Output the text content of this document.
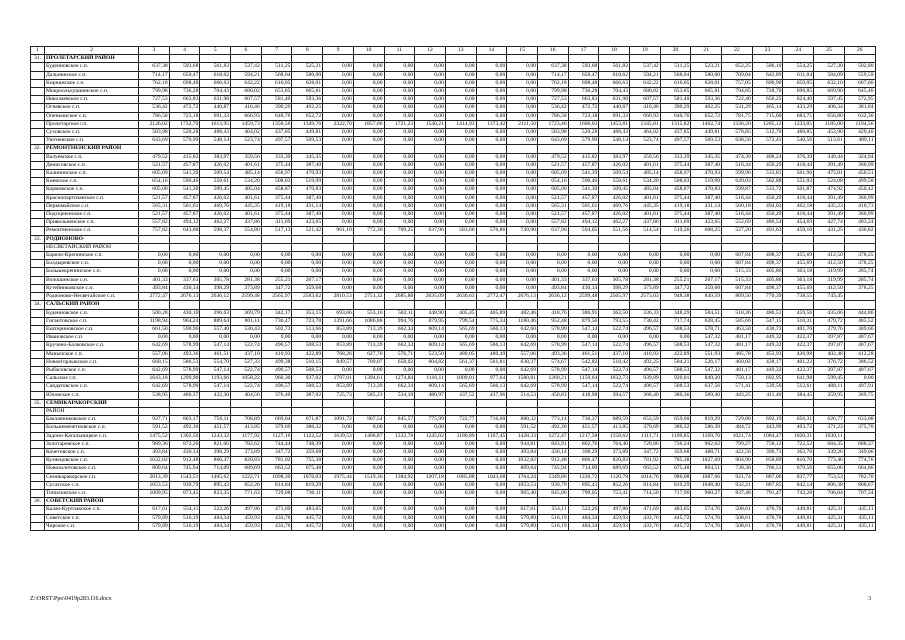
1	2	3	4	5	6	7	8	9	10	11	12	13	14	15	16	17	18	19	20	21	22	23	24	25	26
31.	ПРОЛЕТАРСКИЙ РАЙОН																								
	Буденновское с.п.	637,38	593,68	561,83	537,42	511,25	525,21	0,00	0,00	0,00	0,00	0,00	0,00	0,00	637,38	593,68	561,83	537,42	511,25	523,21	652,25	586,10	554,25	527,30	502,80
	Дальнинское с.п.	714,17	650,47	618,62	594,21	568,04	580,00	0,00	0,00	0,00	0,00	0,00	0,00	0,00	714,17	650,47	618,62	594,21	568,04	580,00	709,04	642,89	611,04	584,09	559,59
	Кирняжское с.п.	762,18	698,48	666,63	642,22	616,05	628,01	0,00	0,00	0,00	0,00	0,00	0,00	0,00	762,18	698,48	666,63	642,22	616,05	628,01	757,05	690,90	659,05	632,10	607,60
	Мокроольхушкинское с.п.	799,98	736,28	704,43	680,02	653,85	665,81	0,00	0,00	0,00	0,00	0,00	0,00	0,00	799,98	736,28	704,43	680,02	653,85	665,81	794,85	728,70	696,85	669,90	645,40
	Николаевское с.п.	727,53	663,83	631,98	607,57	581,40	593,36	0,00	0,00	0,00	0,00	0,00	0,00	0,00	727,53	663,83	631,98	607,57	581,40	593,36	722,40	656,25	624,40	597,45	572,95
	Огневское с.п.	536,42	472,72	440,87	416,46	390,29	402,25	0,00	0,00	0,00	0,00	0,00	0,00	0,00	536,42	472,72	440,87	416,46	390,29	402,25	531,29	465,14	433,29	406,34	381,84
	Опенкинское с.п.	786,58	723,18	691,33	666,93	640,76	652,72	0,00	0,00	0,00	0,00	0,00	0,00	0,00	786,58	723,18	691,33	666,93	640,76	652,72	781,75	715,60	683,75	656,80	632,30
	Пролетарское г.п.	2126,02	1732,70	1613,95	1459,73	1350,56	1349,76	2322,70	1857,86	1721,23	1540,21	1414,93	1373,42	2111,50	1723,46	1606,03	1453,81	1345,81	1315,82	1462,74	1336,20	1285,12	1233,05	1185,00	1194,56
	Суховское с.п.	583,98	520,28	488,43	464,02	437,85	449,81	0,00	0,00	0,00	0,00	0,00	0,00	0,00	583,98	520,28	488,43	464,02	437,85	449,81	578,85	512,70	480,85	453,90	429,40
	Уютненское с.п.	643,69	579,99	548,14	523,74	497,57	509,53	0,00	0,00	0,00	0,00	0,00	0,00	0,00	643,69	579,99	548,14	523,74	497,57	509,53	638,56	572,41	540,56	513,61	489,11
32.	РЕМОНТНЕНСКИЙ РАЙОН																								
	Валуевское с.п.	479,52	415,82	383,97	359,56	333,39	345,35	0,00	0,00	0,00	0,00	0,00	0,00	0,00	479,52	415,82	383,97	359,56	333,39	345,35	474,39	408,24	376,39	349,44	324,94
	Денисовское с.п.	521,57	457,87	426,02	401,61	375,44	387,40	0,00	0,00	0,00	0,00	0,00	0,00	0,00	521,57	457,87	426,02	401,61	375,44	387,40	516,44	450,29	418,44	391,49	366,99
	Калининское с.п.	605,09	541,39	509,54	485,14	458,97	470,93	0,00	0,00	0,00	0,00	0,00	0,00	0,00	605,09	541,39	509,54	485,14	458,97	470,93	599,96	533,81	501,96	475,01	450,51
	Киевское с.п.	654,16	590,46	558,61	534,20	508,03	519,99	0,00	0,00	0,00	0,00	0,00	0,00	0,00	654,16	590,46	558,61	534,20	508,03	519,99	649,03	582,88	551,03	524,08	499,58
	Кормовское с.п.	605,00	541,30	509,45	485,04	458,87	470,83	0,00	0,00	0,00	0,00	0,00	0,00	0,00	605,00	541,30	509,45	485,04	458,87	470,83	599,87	533,72	501,87	474,92	450,42
	Краснопартизанское с.п.	521,57	457,87	426,02	401,61	375,44	387,40	0,00	0,00	0,00	0,00	0,00	0,00	0,00	521,57	457,87	426,02	401,61	375,44	387,40	516,44	450,29	418,44	391,49	366,99
	Первомайское с.п.	565,31	501,61	469,76	445,35	419,18	431,14	0,00	0,00	0,00	0,00	0,00	0,00	0,00	565,31	501,61	469,76	445,35	419,18	431,14	560,18	494,03	462,18	435,23	410,73
	Подгорненское с.п.	521,57	457,87	426,02	401,61	375,44	387,40	0,00	0,00	0,00	0,00	0,00	0,00	0,00	521,57	457,87	426,02	401,61	375,44	387,40	516,44	450,29	418,44	391,49	366,99
	Привольненское с.п.	557,82	494,12	462,27	437,86	411,69	423,65	0,00	0,00	0,00	0,00	0,00	0,00	0,00	557,82	494,12	462,27	437,86	411,69	423,65	552,69	486,54	454,69	427,74	403,24
	Ремонтненское с.п.	757,82	643,00	598,37	554,80	517,13	521,42	961,10	772,36	709,25	637,96	583,66	576,86	749,90	637,96	594,05	551,56	514,54	519,26	608,25	527,20	491,63	459,10	431,25	436,82
33.	РОДИОНОВО-																								
	НЕСВЕТАЙСКИЙ РАЙОН																								
	Барило-Крепинское с.п.	0,00	0,00	0,00	0,00	0,00	0,00	0,00	0,00	0,00	0,00	0,00	0,00	0,00	0,00	0,00	0,00	0,00	0,00	0,00	607,84	498,37	455,69	412,50	378,25
	Болдыревское с.п.	0,00	0,00	0,00	0,00	0,00	0,00	0,00	0,00	0,00	0,00	0,00	0,00	0,00	0,00	0,00	0,00	0,00	0,00	0,00	607,84	498,37	455,69	412,50	378,25
	Большекрепинское с.п.	0,00	0,00	0,00	0,00	0,00	0,00	0,00	0,00	0,00	0,00	0,00	0,00	0,00	0,00	0,00	0,00	0,00	0,00	0,00	515,33	405,86	363,18	319,99	285,74
	Волошинское с.п.	401,33	337,63	305,78	281,38	255,21	267,17	0,00	0,00	0,00	0,00	0,00	0,00	0,00	401,33	337,63	305,78	281,38	255,21	267,17	515,33	405,86	363,18	319,99	285,74
	Кутейниковское с.п.	493,84	430,14	398,29	373,89	347,72	359,68	0,00	0,00	0,00	0,00	0,00	0,00	0,00	493,84	430,14	398,29	373,89	347,72	359,68	607,84	498,37	455,69	412,50	378,25
	Родионово-Несветайское с.п.	2772,47	2676,13	2636,12	2599,48	2565,97	2583,62	2810,53	2751,32	2685,88	2635,09	2630,63	2772,47	2676,13	2636,12	2599,48	2565,97	2573,03	948,38	849,59	809,56	770,39	738,55	743,45	
34.	САЛЬСКИЙ РАЙОН																								
	Буденновское с.п.	500,28	430,10	396,63	369,79	342,17	353,15	693,66	553,16	502,11	448,90	405,45	405,89	482,46	418,76	386,91	362,50	336,33	348,29	584,51	518,36	486,51	459,56	435,06	444,86
	Гигантовское с.п.	1198,94	964,24	889,64	801,11	736,47	723,78	1391,66	1086,88	994,76	879,95	799,54	775,34	1180,46	952,48	879,56	793,55	730,42	717,74	628,45	585,66	547,15	510,31	479,72	485,52
	Екатериновское с.п.	661,50	590,96	557,40	530,43	502,73	513,66	853,89	713,39	662,34	609,14	565,69	566,13	642,60	578,99	547,14	522,74	496,57	508,53	578,71	463,58	430,73	401,76	379,76	389,66
	Ивановское с.п.	0,00	0,00	0,00	0,00	0,00	0,00	0,00	0,00	0,00	0,00	0,00	0,00	0,00	0,00	0,00	0,00	0,00	0,00	547,32	481,17	449,32	422,37	397,87	407,67
	Крученo-Балковское с.п.	642,69	578,99	547,14	522,74	496,57	508,53	853,89	713,39	662,34	609,14	565,69	566,13	642,69	578,99	547,14	522,74	496,57	508,53	547,32	481,17	449,32	422,37	397,87	407,67
	Манычское с.п.	557,06	493,36	461,51	437,10	410,93	422,89	768,26	627,76	576,71	523,50	480,05	480,49	557,06	493,36	461,51	437,10	410,93	422,89	551,93	485,78	453,93	426,98	402,48	412,28
	Новоегорлыкское с.п.	660,15	586,53	554,70	527,33	499,38	510,15	849,57	709,07	658,02	604,82	561,37	561,81	638,37	574,67	542,82	518,42	492,25	504,21	526,17	460,02	428,17	401,22	376,72	386,52
	Рыбасовское с.п.	642,69	578,99	547,14	522,74	496,57	508,53	0,00	0,00	0,00	0,00	0,00	0,00	642,69	578,99	547,14	522,74	496,57	508,53	547,32	481,17	449,32	422,37	397,87	407,67
	Сальское г.п.	1643,18	1299,90	1193,66	1058,22	960,30	937,02	1797,01	1394,61	1274,84	1116,11	1009,01	977,64	1580,81	1260,21	1159,64	1032,73	939,89	920,01	849,20	750,13	692,95	641,98	599,45	0,00
	Сандатовское с.п.	642,69	578,99	547,14	522,74	496,57	508,53	853,89	713,39	662,34	609,14	565,69	566,13	642,69	578,99	547,14	522,74	496,57	508,53	637,56	571,41	539,56	512,61	488,11	497,91
	Юловское с.п.	538,95	466,37	432,30	404,56	376,40	387,02	725,73	585,23	534,18	480,97	437,52	437,96	514,53	450,83	418,98	394,57	368,40	380,36	509,40	443,25	411,40	384,45	359,95	369,75
35.	СЕМИКАРАКОРСКИЙ																								
	РАЙОН																								
	Бакланниковское с.п.	927,71	803,17	756,11	708,89	669,04	671,87	1091,72	907,54	845,57	775,99	722,77	716,60	880,32	773,14	730,37	689,59	653,59	659,00	819,29	729,86	692,19	656,31	626,77	633,08
	Большемечетновское с.п.	591,52	492,30	451,57	413,85	379,69	386,32	0,00	0,00	0,00	0,00	0,00	0,00	591,52	492,30	451,57	413,85	379,69	386,32	586,39	484,72	443,99	403,72	371,23	375,70
	Задоно-Кагальницкое с.п.	1475,52	1302,50	1243,32	1177,92	1127,16	1122,52	1639,53	1406,87	1332,78	1245,02	1180,89	1167,45	1428,33	1272,47	1217,58	1158,62	1111,71	1109,85	1169,76	1021,74	1084,47	1020,31	1030,11	
	Золотаревское с.п.	989,36	872,26	821,06	782,62	744,44	748,39	0,00	0,00	0,00	0,00	0,00	0,00	944,81	843,91	802,76	764,40	729,86	736,24	902,62	799,27	758,12	722,52	684,35	688,37
	Кочетовское с.п.	493,84	430,14	398,29	373,89	347,72	359,68	0,00	0,00	0,00	0,00	0,00	0,00	493,84	430,14	398,29	373,89	347,72	359,68	488,71	422,56	390,71	363,76	339,26	349,06
	Кузнецовское с.п.	1032,82	912,48	866,47	820,83	781,92	755,38	0,00	0,00	0,00	0,00	0,00	0,00	1032,82	912,48	866,47	820,83	781,92	785,38	1027,69	904,90	858,89	810,70	773,46	774,76
	Новозолотовское с.п.	809,64	745,94	714,09	689,69	663,52	675,48	0,00	0,00	0,00	0,00	0,00	0,00	809,64	745,94	714,09	689,69	663,52	675,48	804,51	738,36	706,51	679,56	655,06	664,86
	Семикаракорское г.п.	2013,39	1543,51	1405,62	1222,71	1098,30	1076,03	1975,44	1519,36	1384,92	1207,18	1085,88	1043,68	1764,24	1349,86	1226,72	1120,78	1014,76	986,08	1087,66	921,74	887,06	837,77	753,53	782,70
	Сусатское с.п.	1053,53	939,79	895,43	852,26	814,84	819,29	0,00	0,00	0,00	0,00	0,00	0,00	1053,53	939,79	895,43	852,26	814,84	819,29	1048,40	932,21	887,85	842,14	806,38	808,67
	Топилинское с.п.	1009,95	873,41	823,35	771,63	729,08	730,11	0,00	0,00	0,00	0,00	0,00	0,00	965,40	845,06	799,05	753,41	714,50	717,96	960,27	837,48	791,47	743,28	706,04	707,34
36.	СОВЕТСКИЙ РАЙОН																								
	Калач-Куртлакское с.п.	617,61	554,11	522,26	497,86	471,69	483,65	0,00	0,00	0,00	0,00	0,00	0,00	617,61	554,11	522,26	497,86	471,69	483,65	574,76	508,61	476,76	449,81	425,31	435,11
	Советское с.п.	579,89	516,19	484,34	459,93	433,76	445,72	0,00	0,00	0,00	0,00	0,00	0,00	579,89	516,19	484,34	459,93	433,76	445,72	574,76	508,61	476,76	449,81	425,31	435,11
	Чирское с.п.	579,89	516,19	484,34	459,93	433,76	445,72	0,00	0,00	0,00	0,00	0,00	0,00	579,89	516,19	484,34	459,93	433,76	445,72	574,76	508,61	476,76	449,81	425,31	435,11
Z:\ORST\Ppo\0419p283.f16.docx	3
